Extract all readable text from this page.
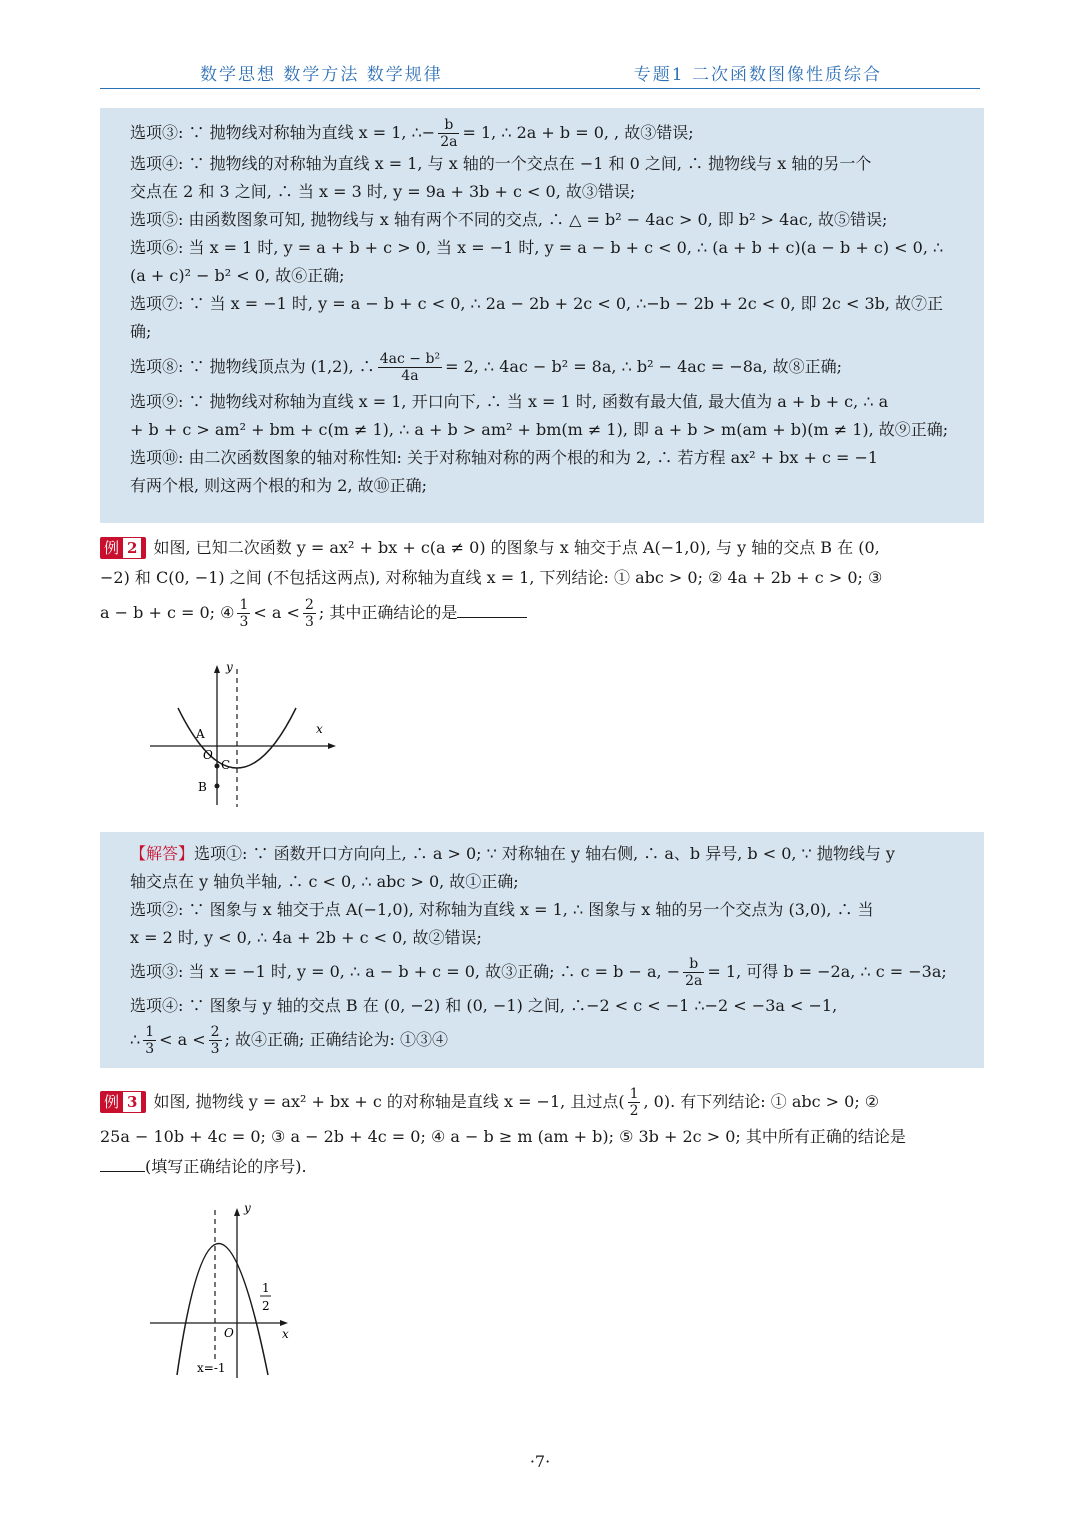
数学思想 数学方法 数学规律	专题1 二次函数图像性质综合
选项③: ∵ 抛物线对称轴为直线 x = 1, ∴− $\frac{b}{2a} = 1$, ∴ 2a + b = 0, , 故③错误;
选项④: ∵ 抛物线的对称轴为直线 x = 1, 与 x 轴的一个交点在 −1 和 0 之间, ∴ 抛物线与 x 轴的另一个
交点在 2 和 3 之间, ∴ 当 x = 3 时, y = 9a + 3b + c < 0, 故③错误;
选项⑤: 由函数图象可知, 抛物线与 x 轴有两个不同的交点, ∴ △ = b² − 4ac > 0, 即 b² > 4ac, 故⑤错误;
选项⑥: 当 x = 1 时, y = a + b + c > 0, 当 x = −1 时, y = a − b + c < 0, ∴ (a + b + c)(a − b + c) < 0, ∴
(a + c)² − b² < 0, 故⑥正确;
选项⑦: ∵ 当 x = −1 时, y = a − b + c < 0, ∴ 2a − 2b + 2c < 0, ∴−b − 2b + 2c < 0, 即 2c < 3b, 故⑦正
确;
选项⑧: ∵ 抛物线顶点为 (1,2), ∴ $\frac{\text{4ac − b²}}{4a} = 2$, ∴ 4ac − b² = 8a, ∴ b² − 4ac = −8a, 故⑧正确;
选项⑨: ∵ 抛物线对称轴为直线 x = 1, 开口向下, ∴ 当 x = 1 时, 函数有最大值, 最大值为 a + b + c, ∴ a
+ b + c > am² + bm + c(m ≠ 1), ∴ a + b > am² + bm(m ≠ 1), 即 a + b > m(am + b)(m ≠ 1), 故⑨正确;
选项⑩: 由二次函数图象的轴对称性知: 关于对称轴对称的两个根的和为 2, ∴ 若方程 ax² + bx + c = −1
有两个根, 则这两个根的和为 2, 故⑩正确;
例 2 如图, 已知二次函数 y = ax² + bx + c(a ≠ 0) 的图象与 x 轴交于点 A(−1,0), 与 y 轴的交点 B 在 (0,
−2) 和 C(0, −1) 之间 (不包括这两点), 对称轴为直线 x = 1, 下列结论: ① abc > 0; ② 4a + 2b + c > 0; ③
a − b + c = 0; ④ $\frac{1}{3} < a < \frac{2}{3}$ ; 其中正确结论的是
y
x
A
O
C
B
【解答】选项①: ∵ 函数开口方向向上, ∴ a > 0; ∵ 对称轴在 y 轴右侧, ∴ a、b 异号, b < 0, ∵ 抛物线与 y
轴交点在 y 轴负半轴, ∴ c < 0, ∴ abc > 0, 故①正确;
选项②: ∵ 图象与 x 轴交于点 A(−1,0), 对称轴为直线 x = 1, ∴ 图象与 x 轴的另一个交点为 (3,0), ∴ 当
x = 2 时, y < 0, ∴ 4a + 2b + c < 0, 故②错误;
选项③: 当 x = −1 时, y = 0, ∴ a − b + c = 0, 故③正确; ∴ c = b − a, − $\frac{b}{2a} = 1$, 可得 b = −2a, ∴ c = −3a;
选项④: ∵ 图象与 y 轴的交点 B 在 (0, −2) 和 (0, −1) 之间, ∴−2 < c < −1 ∴−2 < −3a < −1,
∴ $\frac{1}{3} < a < \frac{2}{3}$ ; 故④正确; 正确结论为: ①③④
例 3 如图, 抛物线 y = ax² + bx + c 的对称轴是直线 x = −1, 且过点( $\frac{1}{2}$ , 0). 有下列结论: ① abc > 0; ②
25a − 10b + 4c = 0; ③ a − 2b + 4c = 0; ④ a − b ≥ m (am + b); ⑤ 3b + 2c > 0; 其中所有正确的结论是
(填写正确结论的序号).
y
x
O
1
2
x=-1
·7·
